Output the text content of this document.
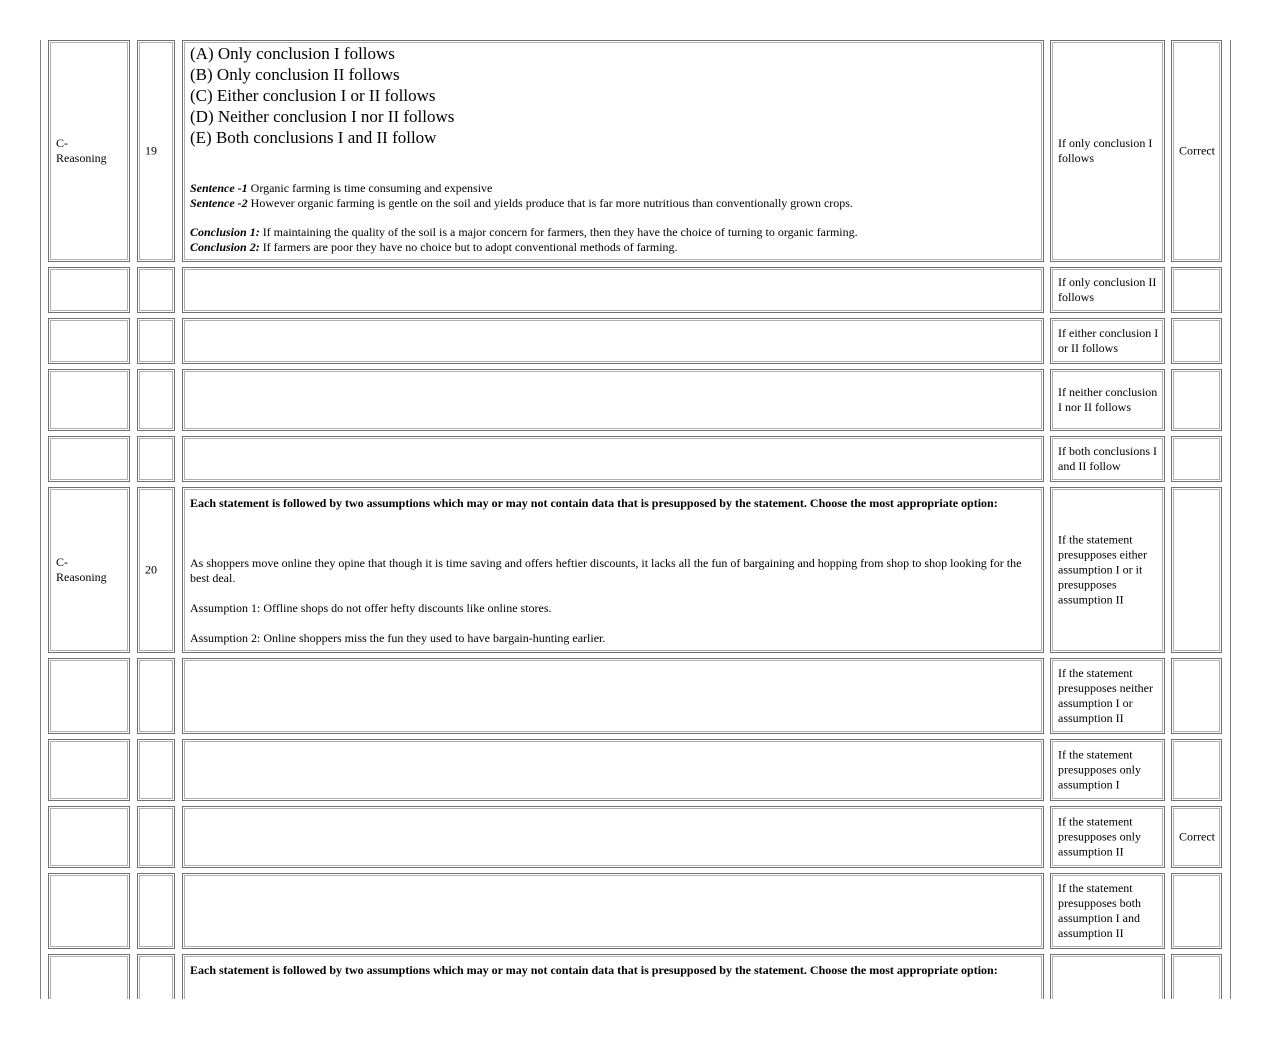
C-
Reasoning
19

(A) Only conclusion I follows

(B) Only conclusion II follows

(C) Either conclusion I or II follows

(D) Neither conclusion I nor II follows

(E) Both conclusions I and II follow

Sentence -1 Organic farming is time consuming and expensive

Sentence -2 However organic farming is gentle on the soil and yields produce that is far more nutritious than conventionally grown crops.

Conclusion 1: If maintaining the quality of the soil is a major concern for farmers, then they have the choice of turning to organic farming.

Conclusion 2: If farmers are poor they have no choice but to adopt conventional methods of farming.

If only conclusion I follows
Correct
If only conclusion II follows
If either conclusion I or II follows
If neither conclusion I nor II follows
If both conclusions I and II follow
C-
Reasoning
20
Each statement is followed by two assumptions which may or may not contain data that is presupposed by the statement. Choose the most appropriate option:
As shoppers move online they opine that though it is time saving and offers heftier discounts, it lacks all the fun of bargaining and hopping from shop to shop looking for the best deal.
Assumption 1: Offline shops do not offer hefty discounts like online stores.
Assumption 2: Online shoppers miss the fun they used to have bargain-hunting earlier.
If the statement presupposes either assumption I or it presupposes assumption II
If the statement presupposes neither assumption I or assumption II
If the statement presupposes only assumption I
If the statement presupposes only assumption II
Correct
If the statement presupposes both assumption I and assumption II
Each statement is followed by two assumptions which may or may not contain data that is presupposed by the statement. Choose the most appropriate option:
